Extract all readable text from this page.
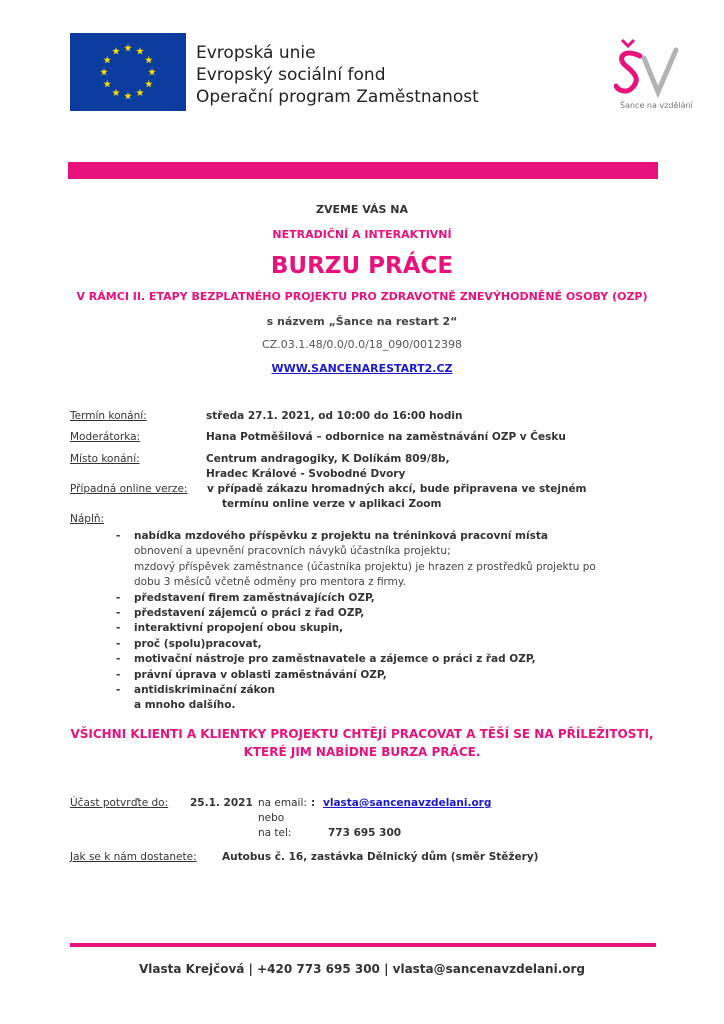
Evropská unie
Evropský sociální fond
Operační program Zaměstnanost	Šance na vzdělání
ZVEME VÁS NA
NETRADIČNÍ A INTERAKTIVNÍ
BURZU PRÁCE
V RÁMCI II. ETAPY BEZPLATNÉHO PROJEKTU PRO ZDRAVOTNĚ ZNEVÝHODNĚNÉ OSOBY (OZP)
s názvem „Šance na restart 2“
CZ.03.1.48/0.0/0.0/18_090/0012398
WWW.SANCENARESTART2.CZ
Termín konání:	středa 27.1. 2021, od 10:00 do 16:00 hodin
Moderátorka:	Hana Potměšilová – odbornice na zaměstnávání OZP v Česku
Místo konání:	Centrum andragogiky, K Dolíkám 809/8b,
Hradec Králové - Svobodné Dvory
Případná online verze: v případě zákazu hromadných akcí, bude připravena ve stejném
termínu online verze v aplikaci Zoom
Náplň:
- nabídka mzdového příspěvku z projektu na tréninková pracovní místa
obnovení a upevnění pracovních návyků účastníka projektu;
mzdový příspěvek zaměstnance (účastníka projektu) je hrazen z prostředků projektu po
dobu 3 měsíců včetně odměny pro mentora z firmy.
- představení firem zaměstnávajících OZP,
- představení zájemců o práci z řad OZP,
- interaktivní propojení obou skupin,
- proč (spolu)pracovat,
- motivační nástroje pro zaměstnavatele a zájemce o práci z řad OZP,
- právní úprava v oblasti zaměstnávání OZP,
- antidiskriminační zákon
a mnoho dalšího.
VŠICHNI KLIENTI A KLIENTKY PROJEKTU CHTĚJÍ PRACOVAT A TĚŠÍ SE NA PŘÍLEŽITOSTI,
KTERÉ JIM NABÍDNE BURZA PRÁCE.
Účast potvrďte do: 25.1. 2021 na email: : vlasta@sancenavzdelani.org
nebo
na tel:	773 695 300
Jak se k nám dostanete: Autobus č. 16, zastávka Dělnický dům (směr Stěžery)
Vlasta Krejčová | +420 773 695 300 | vlasta@sancenavzdelani.org
